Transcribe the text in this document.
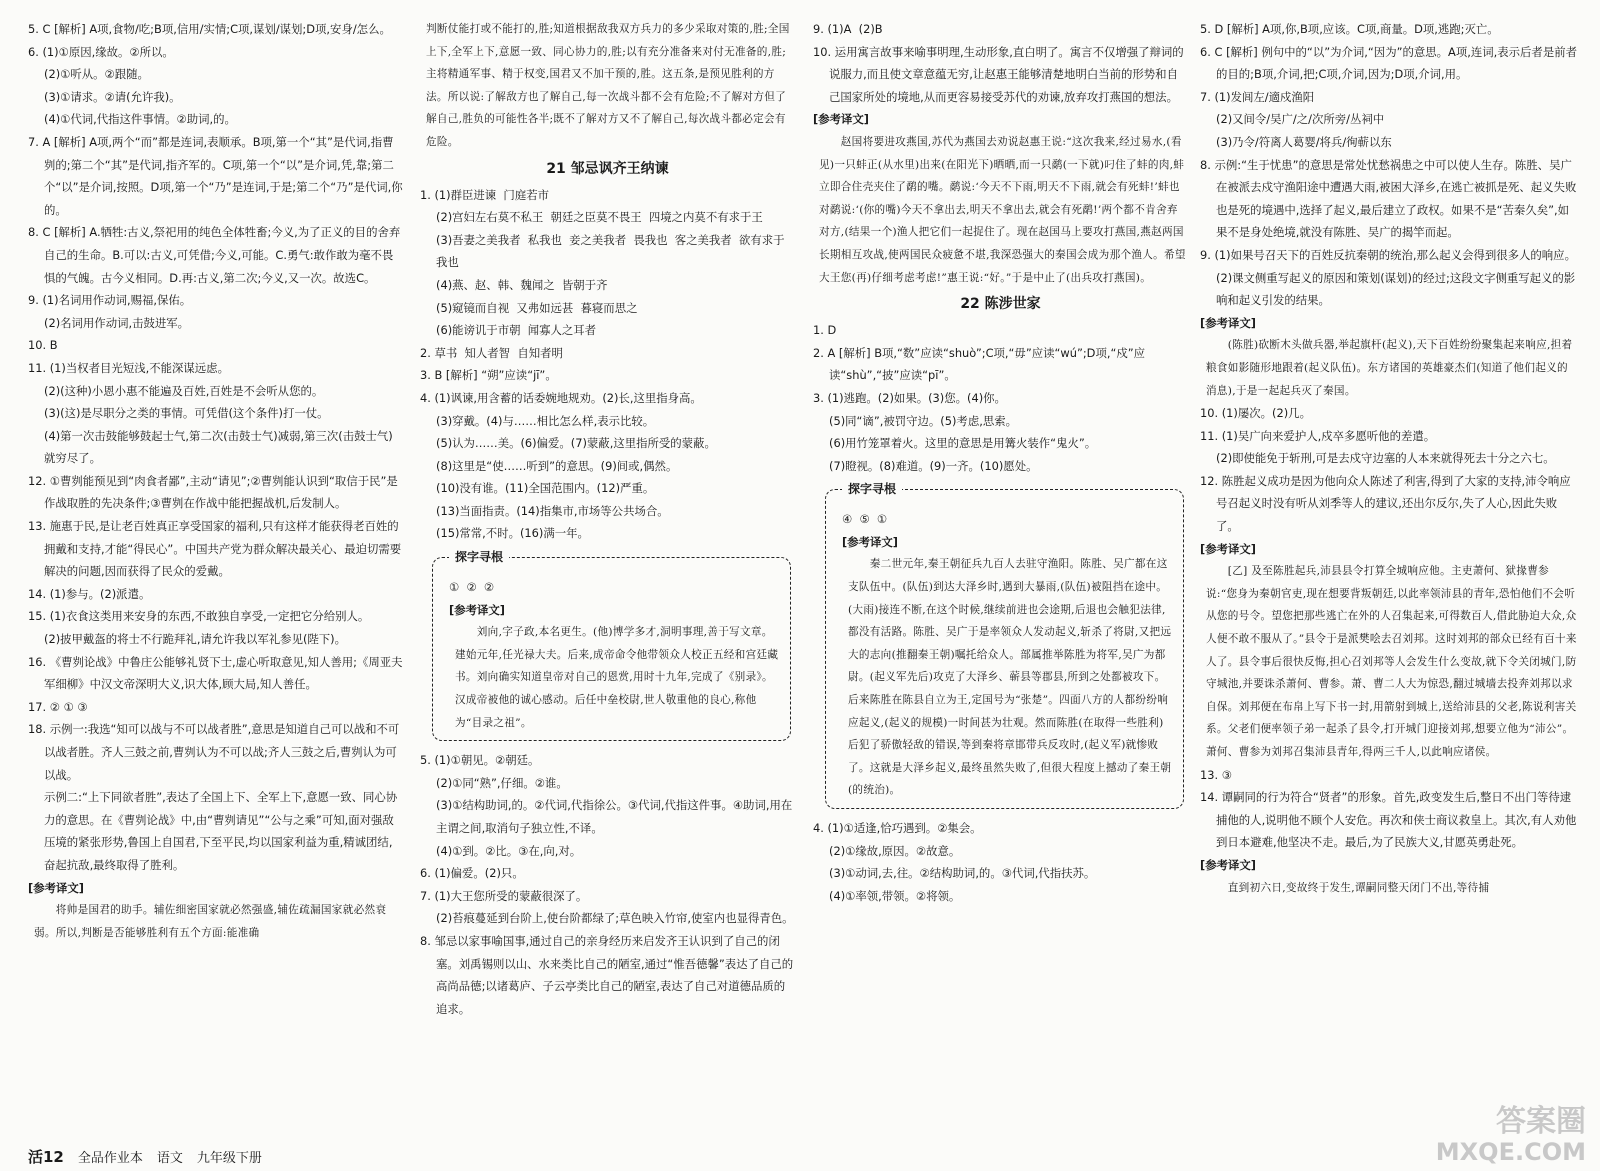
5. C [解析] A项,食物/吃;B项,信用/实情;C项,谋划/谋划;D项,安身/怎么。
6. (1)①原因,缘故。②所以。
(2)①听从。②跟随。
(3)①请求。②请(允许我)。
(4)①代词,代指这件事情。②助词,的。
7. A [解析] A项,两个“而”都是连词,表顺承。B项,第一个“其”是代词,指曹刿的;第二个“其”是代词,指齐军的。C项,第一个“以”是介词,凭,靠;第二个“以”是介词,按照。D项,第一个“乃”是连词,于是;第二个“乃”是代词,你的。
8. C [解析] A.牺牲:古义,祭祀用的纯色全体牲畜;今义,为了正义的目的舍弃自己的生命。B.可以:古义,可凭借;今义,可能。C.勇气:敢作敢为毫不畏惧的气魄。古今义相同。D.再:古义,第二次;今义,又一次。故选C。
9. (1)名词用作动词,赐福,保佑。
(2)名词用作动词,击鼓进军。
10. B
11. (1)当权者目光短浅,不能深谋远虑。
(2)(这种)小恩小惠不能遍及百姓,百姓是不会听从您的。
(3)(这)是尽职分之类的事情。可凭借(这个条件)打一仗。
(4)第一次击鼓能够鼓起士气,第二次(击鼓士气)减弱,第三次(击鼓士气)就穷尽了。
12. ①曹刿能预见到“肉食者鄙”,主动“请见”;②曹刿能认识到“取信于民”是作战取胜的先决条件;③曹刿在作战中能把握战机,后发制人。
13. 施惠于民,是让老百姓真正享受国家的福利,只有这样才能获得老百姓的拥戴和支持,才能“得民心”。中国共产党为群众解决最关心、最迫切需要解决的问题,因而获得了民众的爱戴。
14. (1)参与。(2)派遣。
15. (1)衣食这类用来安身的东西,不敢独自享受,一定把它分给别人。
(2)披甲戴盔的将士不行跪拜礼,请允许我以军礼参见(陛下)。
16. 《曹刿论战》中鲁庄公能够礼贤下士,虚心听取意见,知人善用;《周亚夫军细柳》中汉文帝深明大义,识大体,顾大局,知人善任。
17. ② ① ③
18. 示例一:我选“知可以战与不可以战者胜”,意思是知道自己可以战和不可以战者胜。齐人三鼓之前,曹刿认为不可以战;齐人三鼓之后,曹刿认为可以战。
示例二:“上下同欲者胜”,表达了全国上下、全军上下,意愿一致、同心协力的意思。在《曹刿论战》中,由“曹刿请见”“公与之乘”可知,面对强敌压境的紧张形势,鲁国上自国君,下至平民,均以国家利益为重,精诚团结,奋起抗敌,最终取得了胜利。
[参考译文]
　　将帅是国君的助手。辅佐细密国家就必然强盛,辅佐疏漏国家就必然衰弱。所以,判断是否能够胜利有五个方面:能准确
判断仗能打或不能打的,胜;知道根据敌我双方兵力的多少采取对策的,胜;全国上下,全军上下,意愿一致、同心协力的,胜;以有充分准备来对付无准备的,胜;主将精通军事、精于权变,国君又不加干预的,胜。这五条,是预见胜利的方法。所以说:了解敌方也了解自己,每一次战斗都不会有危险;不了解对方但了解自己,胜负的可能性各半;既不了解对方又不了解自己,每次战斗都必定会有危险。
21 邹忌讽齐王纳谏
1. (1)群臣进谏  门庭若市
(2)宫妇左右莫不私王  朝廷之臣莫不畏王  四境之内莫不有求于王
(3)吾妻之美我者  私我也  妾之美我者  畏我也  客之美我者  欲有求于我也
(4)燕、赵、韩、魏闻之  皆朝于齐
(5)窥镜而自视  又弗如远甚  暮寝而思之
(6)能谤讥于市朝  闻寡人之耳者
2. 草书  知人者智  自知者明
3. B [解析] “朔”应读“jī”。
4. (1)讽谏,用含蓄的话委婉地规劝。(2)长,这里指身高。
(3)穿戴。(4)与……相比怎么样,表示比较。
(5)认为……美。(6)偏爱。(7)蒙蔽,这里指所受的蒙蔽。
(8)这里是“使……听到”的意思。(9)间或,偶然。
(10)没有谁。(11)全国范围内。(12)严重。
(13)当面指责。(14)指集市,市场等公共场合。
(15)常常,不时。(16)满一年。
探字寻根
①  ②  ②
[参考译文]
　　刘向,字子政,本名更生。(他)博学多才,洞明事理,善于写文章。建始元年,任光禄大夫。后来,成帝命令他带领众人校正五经和宫廷藏书。刘向确实知道皇帝对自己的恩赏,用时十九年,完成了《别录》。汉成帝被他的诚心感动。后任中垒校尉,世人敬重他的良心,称他为“目录之祖”。
5. (1)①朝见。②朝廷。
(2)①同“熟”,仔细。②谁。
(3)①结构助词,的。②代词,代指徐公。③代词,代指这件事。④助词,用在主谓之间,取消句子独立性,不译。
(4)①到。②比。③在,向,对。
6. (1)偏爱。(2)只。
7. (1)大王您所受的蒙蔽很深了。
(2)苔痕蔓延到台阶上,使台阶都绿了;草色映入竹帘,使室内也显得青色。
8. 邹忌以家事喻国事,通过自己的亲身经历来启发齐王认识到了自己的闭塞。刘禹锡则以山、水来类比自己的陋室,通过“惟吾德馨”表达了自己的高尚品德;以诸葛庐、子云亭类比自己的陋室,表达了自己对道德品质的追求。
9. (1)A  (2)B
10. 运用寓言故事来喻事明理,生动形象,直白明了。寓言不仅增强了辩词的说服力,而且使文章意蕴无穷,让赵惠王能够清楚地明白当前的形势和自己国家所处的境地,从而更容易接受苏代的劝谏,放弃攻打燕国的想法。
[参考译文]
　　赵国将要进攻燕国,苏代为燕国去劝说赵惠王说:“这次我来,经过易水,(看见)一只蚌正(从水里)出来(在阳光下)晒晒,而一只鹬(一下就)叼住了蚌的肉,蚌立即合住壳夹住了鹬的嘴。鹬说:‘今天不下雨,明天不下雨,就会有死蚌!’蚌也对鹬说:‘(你的嘴)今天不拿出去,明天不拿出去,就会有死鹬!’两个都不肯舍弃对方,(结果一个)渔人把它们一起捉住了。现在赵国马上要攻打燕国,燕赵两国长期相互攻战,使两国民众疲惫不堪,我深恐强大的秦国会成为那个渔人。希望大王您(再)仔细考虑考虑!”惠王说:“好。”于是中止了(出兵攻打燕国)。
22 陈涉世家
1. D
2. A [解析] B项,“数”应读“shuò”;C项,“毋”应读“wú”;D项,“戍”应读“shù”,“披”应读“pī”。
3. (1)逃跑。(2)如果。(3)您。(4)你。
(5)同“谪”,被罚守边。(5)考虑,思索。
(6)用竹笼罩着火。这里的意思是用篝火装作“鬼火”。
(7)瞪视。(8)难道。(9)一齐。(10)愿处。
探字寻根
④  ⑤  ①
[参考译文]
　　秦二世元年,秦王朝征兵九百人去驻守渔阳。陈胜、吴广都在这支队伍中。(队伍)到达大泽乡时,遇到大暴雨,(队伍)被阻挡在途中。(大雨)接连不断,在这个时候,继续前进也会途期,后退也会触犯法律,都没有活路。陈胜、吴广于是率领众人发动起义,斩杀了将尉,又把远大的志向(推翻秦王朝)嘱托给众人。部属推举陈胜为将军,吴广为都尉。(起义军先后)攻克了大泽乡、蕲县等郡县,所到之处都被攻下。后来陈胜在陈县自立为王,定国号为“张楚”。四面八方的人都纷纷响应起义,(起义的规模)一时间甚为壮观。然而陈胜(在取得一些胜利)后犯了骄傲轻敌的错误,等到秦将章邯带兵反攻时,(起义军)就惨败了。这就是大泽乡起义,最终虽然失败了,但很大程度上撼动了秦王朝(的统治)。
4. (1)①适逢,恰巧遇到。②集会。
(2)①缘故,原因。②故意。
(3)①动词,去,往。②结构助词,的。③代词,代指扶苏。
(4)①率领,带领。②将领。
5. D [解析] A项,你,B项,应该。C项,商量。D项,逃跑;灭亡。
6. C [解析] 例句中的“以”为介词,“因为”的意思。A项,连词,表示后者是前者的目的;B项,介词,把;C项,介词,因为;D项,介词,用。
7. (1)发闾左/適戍渔阳
(2)又间令/吴广/之/次所旁/丛祠中
(3)乃令/符离人葛婴/将兵/徇蕲以东
8. 示例:“生于忧患”的意思是常处忧愁祸患之中可以使人生存。陈胜、吴广在被派去戍守渔阳途中遭遇大雨,被困大泽乡,在逃亡被抓是死、起义失败也是死的境遇中,选择了起义,最后建立了政权。如果不是“苦秦久矣”,如果不是身处绝境,就没有陈胜、吴广的揭竿而起。
9. (1)如果号召天下的百姓反抗秦朝的统治,那么起义会得到很多人的响应。
(2)课文侧重写起义的原因和策划(谋划)的经过;这段文字侧重写起义的影响和起义引发的结果。
[参考译文]
　　(陈胜)砍断木头做兵器,举起旗杆(起义),天下百姓纷纷聚集起来响应,担着粮食如影随形地跟着(起义队伍)。东方诸国的英雄豪杰们(知道了他们起义的消息),于是一起起兵灭了秦国。
10. (1)屡次。(2)几。
11. (1)吴广向来爱护人,戍卒多愿听他的差遣。
(2)即使能免于斩刑,可是去戍守边塞的人本来就得死去十分之六七。
12. 陈胜起义成功是因为他向众人陈述了利害,得到了大家的支持,沛令响应号召起义时没有听从刘季等人的建议,还出尔反尔,失了人心,因此失败了。
[参考译文]
　　[乙] 及至陈胜起兵,沛县县令打算全城响应他。主吏萧何、狱掾曹参说:“您身为秦朝官吏,现在想要背叛朝廷,以此率领沛县的青年,恐怕他们不会听从您的号令。望您把那些逃亡在外的人召集起来,可得数百人,借此胁迫大众,众人便不敢不服从了。”县令于是派樊哙去召刘邦。这时刘邦的部众已经有百十来人了。县令事后很快反悔,担心召刘邦等人会发生什么变故,就下令关闭城门,防守城池,并要诛杀萧何、曹参。萧、曹二人大为惊恐,翻过城墙去投奔刘邦以求自保。刘邦便在布帛上写下书一封,用箭射到城上,送给沛县的父老,陈说利害关系。父老们便率领子弟一起杀了县令,打开城门迎接刘邦,想要立他为“沛公”。萧何、曹参为刘邦召集沛县青年,得两三千人,以此响应诸侯。
13. ③
14. 谭嗣同的行为符合“贤者”的形象。首先,政变发生后,整日不出门等待逮捕他的人,说明他不顾个人安危。再次和侠士商议救皇上。其次,有人劝他到日本避难,他坚决不走。最后,为了民族大义,甘愿英勇赴死。
[参考译文]
　　直到初六日,变故终于发生,谭嗣同整天闭门不出,等待捕
活12 全品作业本 语文 九年级下册
答案圈
MXQE.COM
